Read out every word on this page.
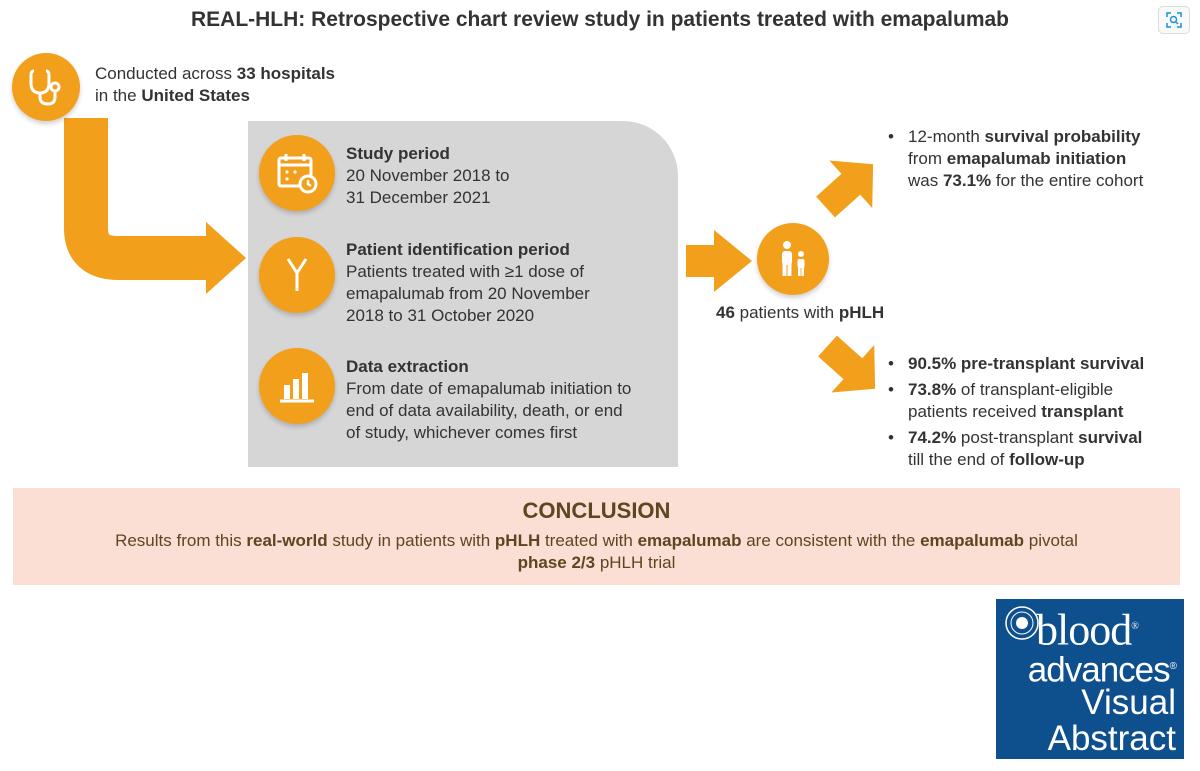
REAL-HLH: Retrospective chart review study in patients treated with emapalumab
Conducted across 33 hospitals
in the United States
Study period
20 November 2018 to
31 December 2021
Patient identification period
Patients treated with ≥1 dose of
emapalumab from 20 November
2018 to 31 October 2020
Data extraction
From date of emapalumab initiation to
end of data availability, death, or end
of study, whichever comes first
46 patients with pHLH
• 12-month survival probability
from emapalumab initiation
was 73.1% for the entire cohort
• 90.5% pre-transplant survival
• 73.8% of transplant-eligible
patients received transplant
• 74.2% post-transplant survival
till the end of follow-up
CONCLUSION
Results from this real-world study in patients with pHLH treated with emapalumab are consistent with the emapalumab pivotal
phase 2/3 pHLH trial
blood®
advances®
Visual
Abstract
